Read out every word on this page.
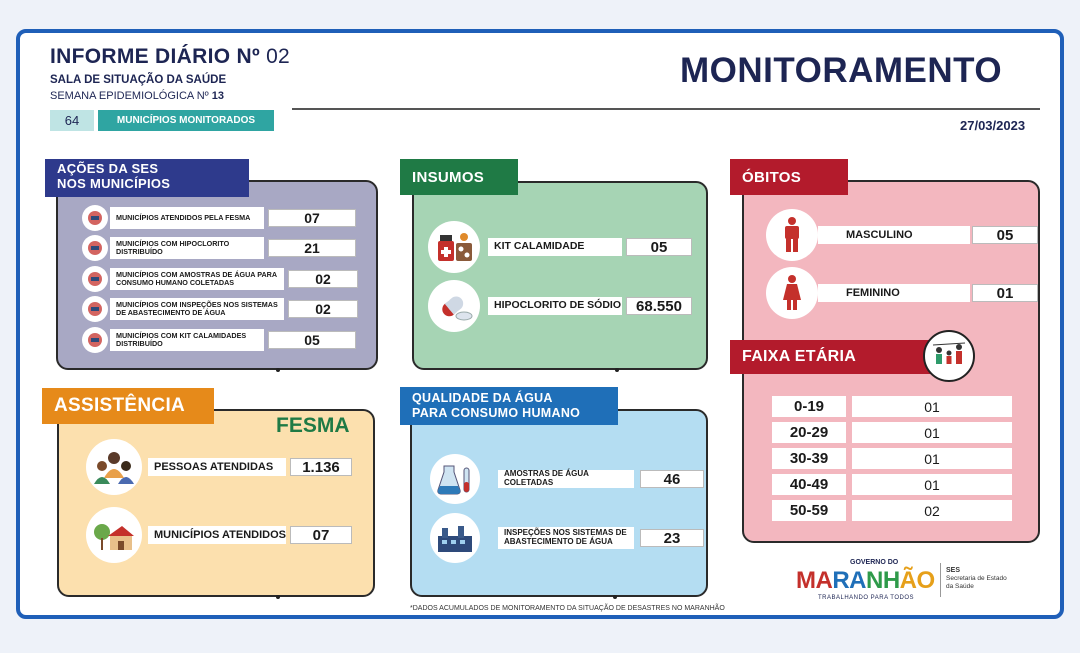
INFORME DIÁRIO Nº 02
SALA DE SITUAÇÃO DA SAÚDE
SEMANA EPIDEMIOLÓGICA Nº 13
64	MUNICÍPIOS MONITORADOS
MONITORAMENTO
27/03/2023
AÇÕES DA SES
NOS MUNICÍPIOS
MUNICÍPIOS ATENDIDOS PELA FESMA	07
MUNICÍPIOS COM HIPOCLORITO DISTRIBUÍDO	21
MUNICÍPIOS COM AMOSTRAS DE ÁGUA PARA CONSUMO HUMANO COLETADAS	02
MUNICÍPIOS COM INSPEÇÕES NOS SISTEMAS DE ABASTECIMENTO DE ÁGUA	02
MUNICÍPIOS COM KIT CALAMIDADES DISTRIBUÍDO	05
INSUMOS
KIT CALAMIDADE	05
HIPOCLORITO DE SÓDIO	68.550
ÓBITOS
MASCULINO	05
FEMININO	01
FAIXA ETÁRIA
0-19	01
20-29	01
30-39	01
40-49	01
50-59	02
ASSISTÊNCIA
FESMA
PESSOAS ATENDIDAS	1.136
MUNICÍPIOS ATENDIDOS	07
QUALIDADE DA ÁGUA
PARA CONSUMO HUMANO
AMOSTRAS DE ÁGUA COLETADAS	46
INSPEÇÕES NOS SISTEMAS DE ABASTECIMENTO DE ÁGUA	23
*DADOS ACUMULADOS DE MONITORAMENTO DA SITUAÇÃO DE DESASTRES NO MARANHÃO
GOVERNO DO
MARANHÃO
TRABALHANDO PARA TODOS
SES
Secretaria de Estado da Saúde
